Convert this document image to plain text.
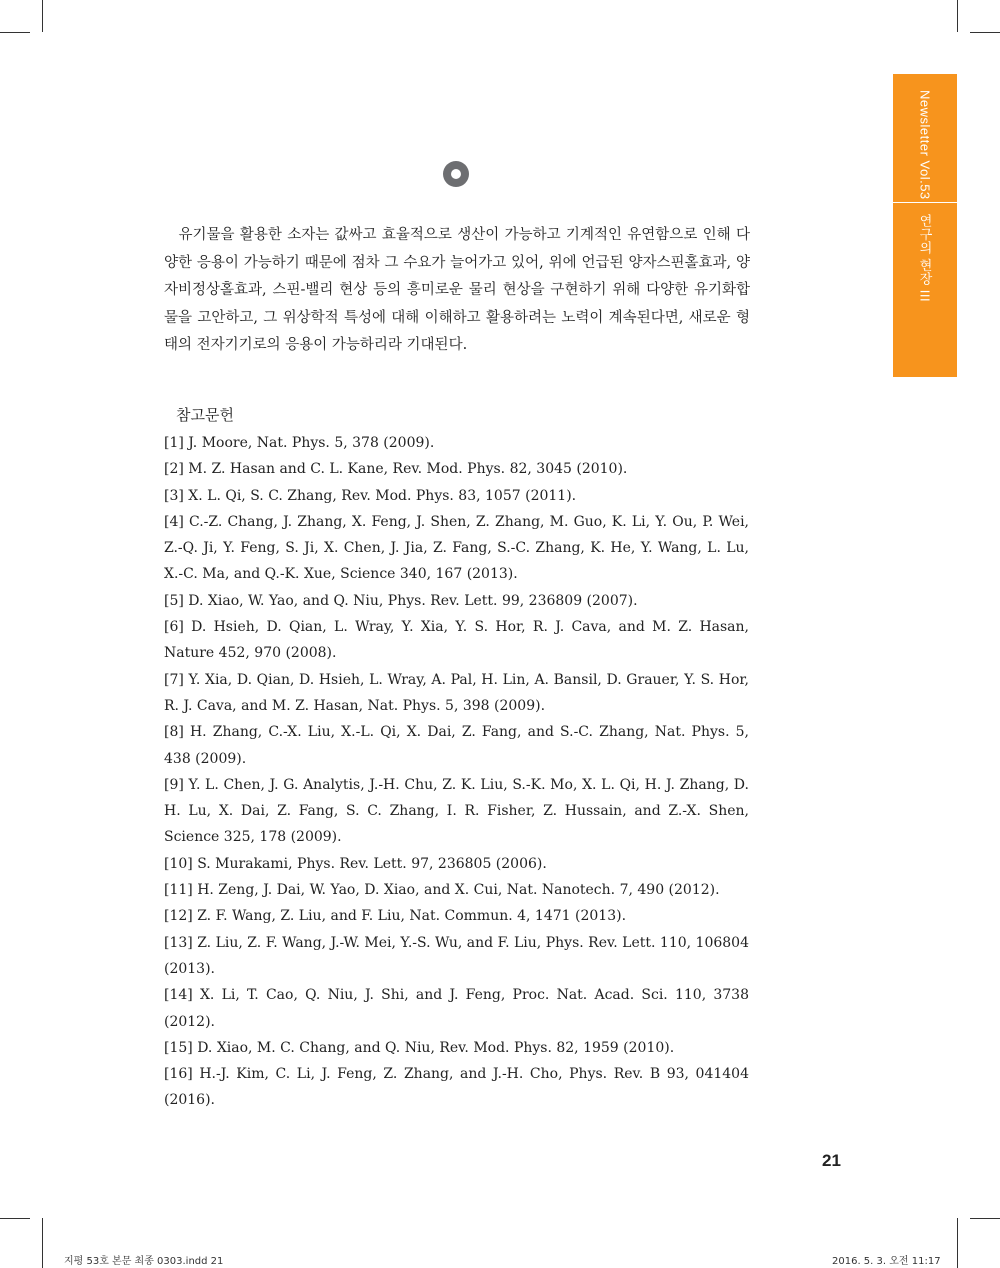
Newsletter Vol.53
연구의 현장 III

유기물을 활용한 소자는 값싸고 효율적으로 생산이 가능하고 기계적인 유연함으로 인해 다양한 응용이 가능하기 때문에 점차 그 수요가 늘어가고 있어, 위에 언급된 양자스핀홀효과, 양자비정상홀효과, 스핀-밸리 현상 등의 흥미로운 물리 현상을 구현하기 위해 다양한 유기화합물을 고안하고, 그 위상학적 특성에 대해 이해하고 활용하려는 노력이 계속된다면, 새로운 형태의 전자기기로의 응용이 가능하리라 기대된다.

참고문헌
[1] J. Moore, Nat. Phys. 5, 378 (2009).
[2] M. Z. Hasan and C. L. Kane, Rev. Mod. Phys. 82, 3045 (2010).
[3] X. L. Qi, S. C. Zhang, Rev. Mod. Phys. 83, 1057 (2011).
[4] C.-Z. Chang, J. Zhang, X. Feng, J. Shen, Z. Zhang, M. Guo, K. Li, Y. Ou, P. Wei, Z.-Q. Ji, Y. Feng, S. Ji, X. Chen, J. Jia, Z. Fang, S.-C. Zhang, K. He, Y. Wang, L. Lu, X.-C. Ma, and Q.-K. Xue, Science 340, 167 (2013).
[5] D. Xiao, W. Yao, and Q. Niu, Phys. Rev. Lett. 99, 236809 (2007).
[6] D. Hsieh, D. Qian, L. Wray, Y. Xia, Y. S. Hor, R. J. Cava, and M. Z. Hasan, Nature 452, 970 (2008).
[7] Y. Xia, D. Qian, D. Hsieh, L. Wray, A. Pal, H. Lin, A. Bansil, D. Grauer, Y. S. Hor, R. J. Cava, and M. Z. Hasan, Nat. Phys. 5, 398 (2009).
[8] H. Zhang, C.-X. Liu, X.-L. Qi, X. Dai, Z. Fang, and S.-C. Zhang, Nat. Phys. 5, 438 (2009).
[9] Y. L. Chen, J. G. Analytis, J.-H. Chu, Z. K. Liu, S.-K. Mo, X. L. Qi, H. J. Zhang, D. H. Lu, X. Dai, Z. Fang, S. C. Zhang, I. R. Fisher, Z. Hussain, and Z.-X. Shen, Science 325, 178 (2009).
[10] S. Murakami, Phys. Rev. Lett. 97, 236805 (2006).
[11] H. Zeng, J. Dai, W. Yao, D. Xiao, and X. Cui, Nat. Nanotech. 7, 490 (2012).
[12] Z. F. Wang, Z. Liu, and F. Liu, Nat. Commun. 4, 1471 (2013).
[13] Z. Liu, Z. F. Wang, J.-W. Mei, Y.-S. Wu, and F. Liu, Phys. Rev. Lett. 110, 106804 (2013).
[14] X. Li, T. Cao, Q. Niu, J. Shi, and J. Feng, Proc. Nat. Acad. Sci. 110, 3738 (2012).
[15] D. Xiao, M. C. Chang, and Q. Niu, Rev. Mod. Phys. 82, 1959 (2010).
[16] H.-J. Kim, C. Li, J. Feng, Z. Zhang, and J.-H. Cho, Phys. Rev. B 93, 041404 (2016).
21
지평 53호 본문 최종 0303.indd 21	2016. 5. 3. 오전 11:17
